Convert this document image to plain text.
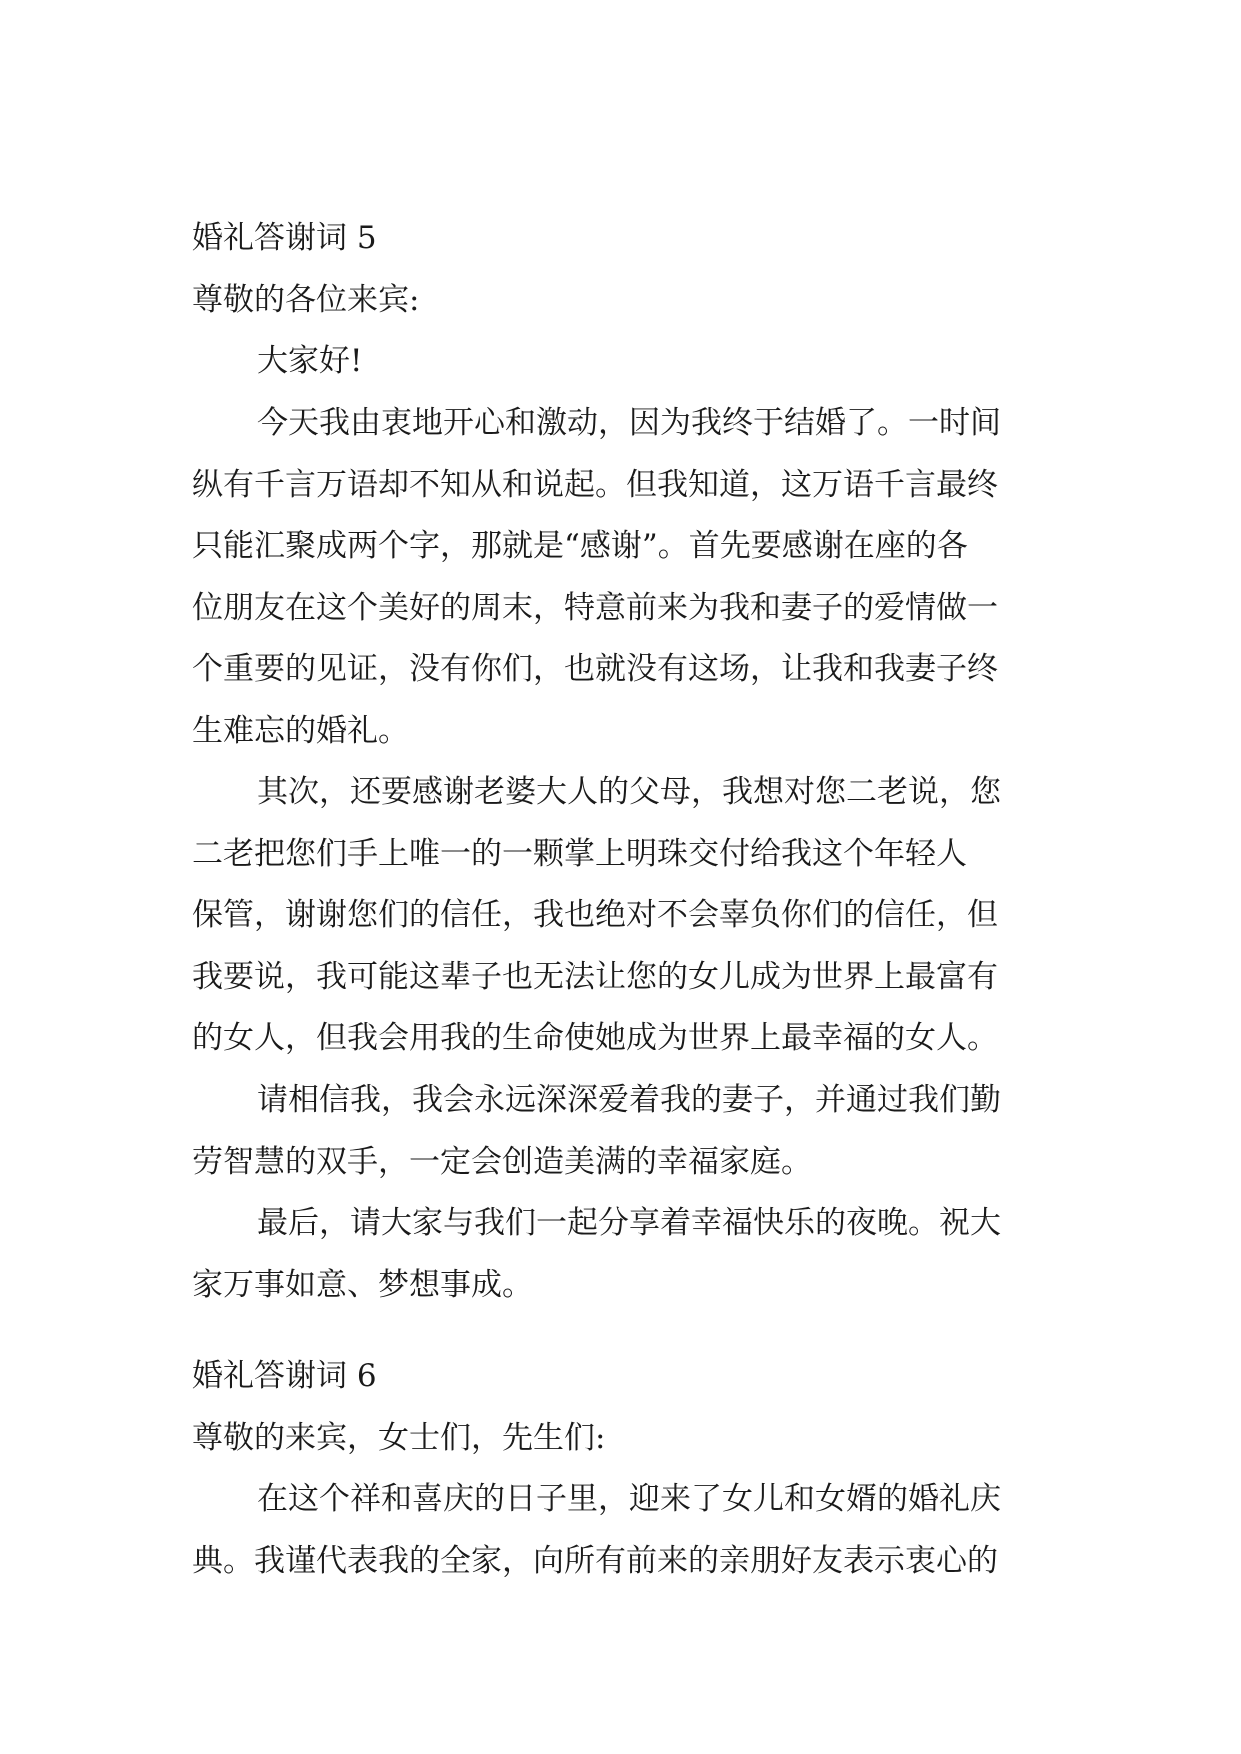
婚礼答谢词 5
尊敬的各位来宾:
大家好!
今天我由衷地开心和激动，因为我终于结婚了。一时间
纵有千言万语却不知从和说起。但我知道，这万语千言最终
只能汇聚成两个字，那就是“感谢”。首先要感谢在座的各
位朋友在这个美好的周末，特意前来为我和妻子的爱情做一
个重要的见证，没有你们，也就没有这场，让我和我妻子终
生难忘的婚礼。
其次，还要感谢老婆大人的父母，我想对您二老说，您
二老把您们手上唯一的一颗掌上明珠交付给我这个年轻人
保管，谢谢您们的信任，我也绝对不会辜负你们的信任，但
我要说，我可能这辈子也无法让您的女儿成为世界上最富有
的女人，但我会用我的生命使她成为世界上最幸福的女人。
请相信我，我会永远深深爱着我的妻子，并通过我们勤
劳智慧的双手，一定会创造美满的幸福家庭。
最后，请大家与我们一起分享着幸福快乐的夜晚。祝大
家万事如意、梦想事成。
婚礼答谢词 6
尊敬的来宾，女士们，先生们:
在这个祥和喜庆的日子里，迎来了女儿和女婿的婚礼庆
典。我谨代表我的全家，向所有前来的亲朋好友表示衷心的
